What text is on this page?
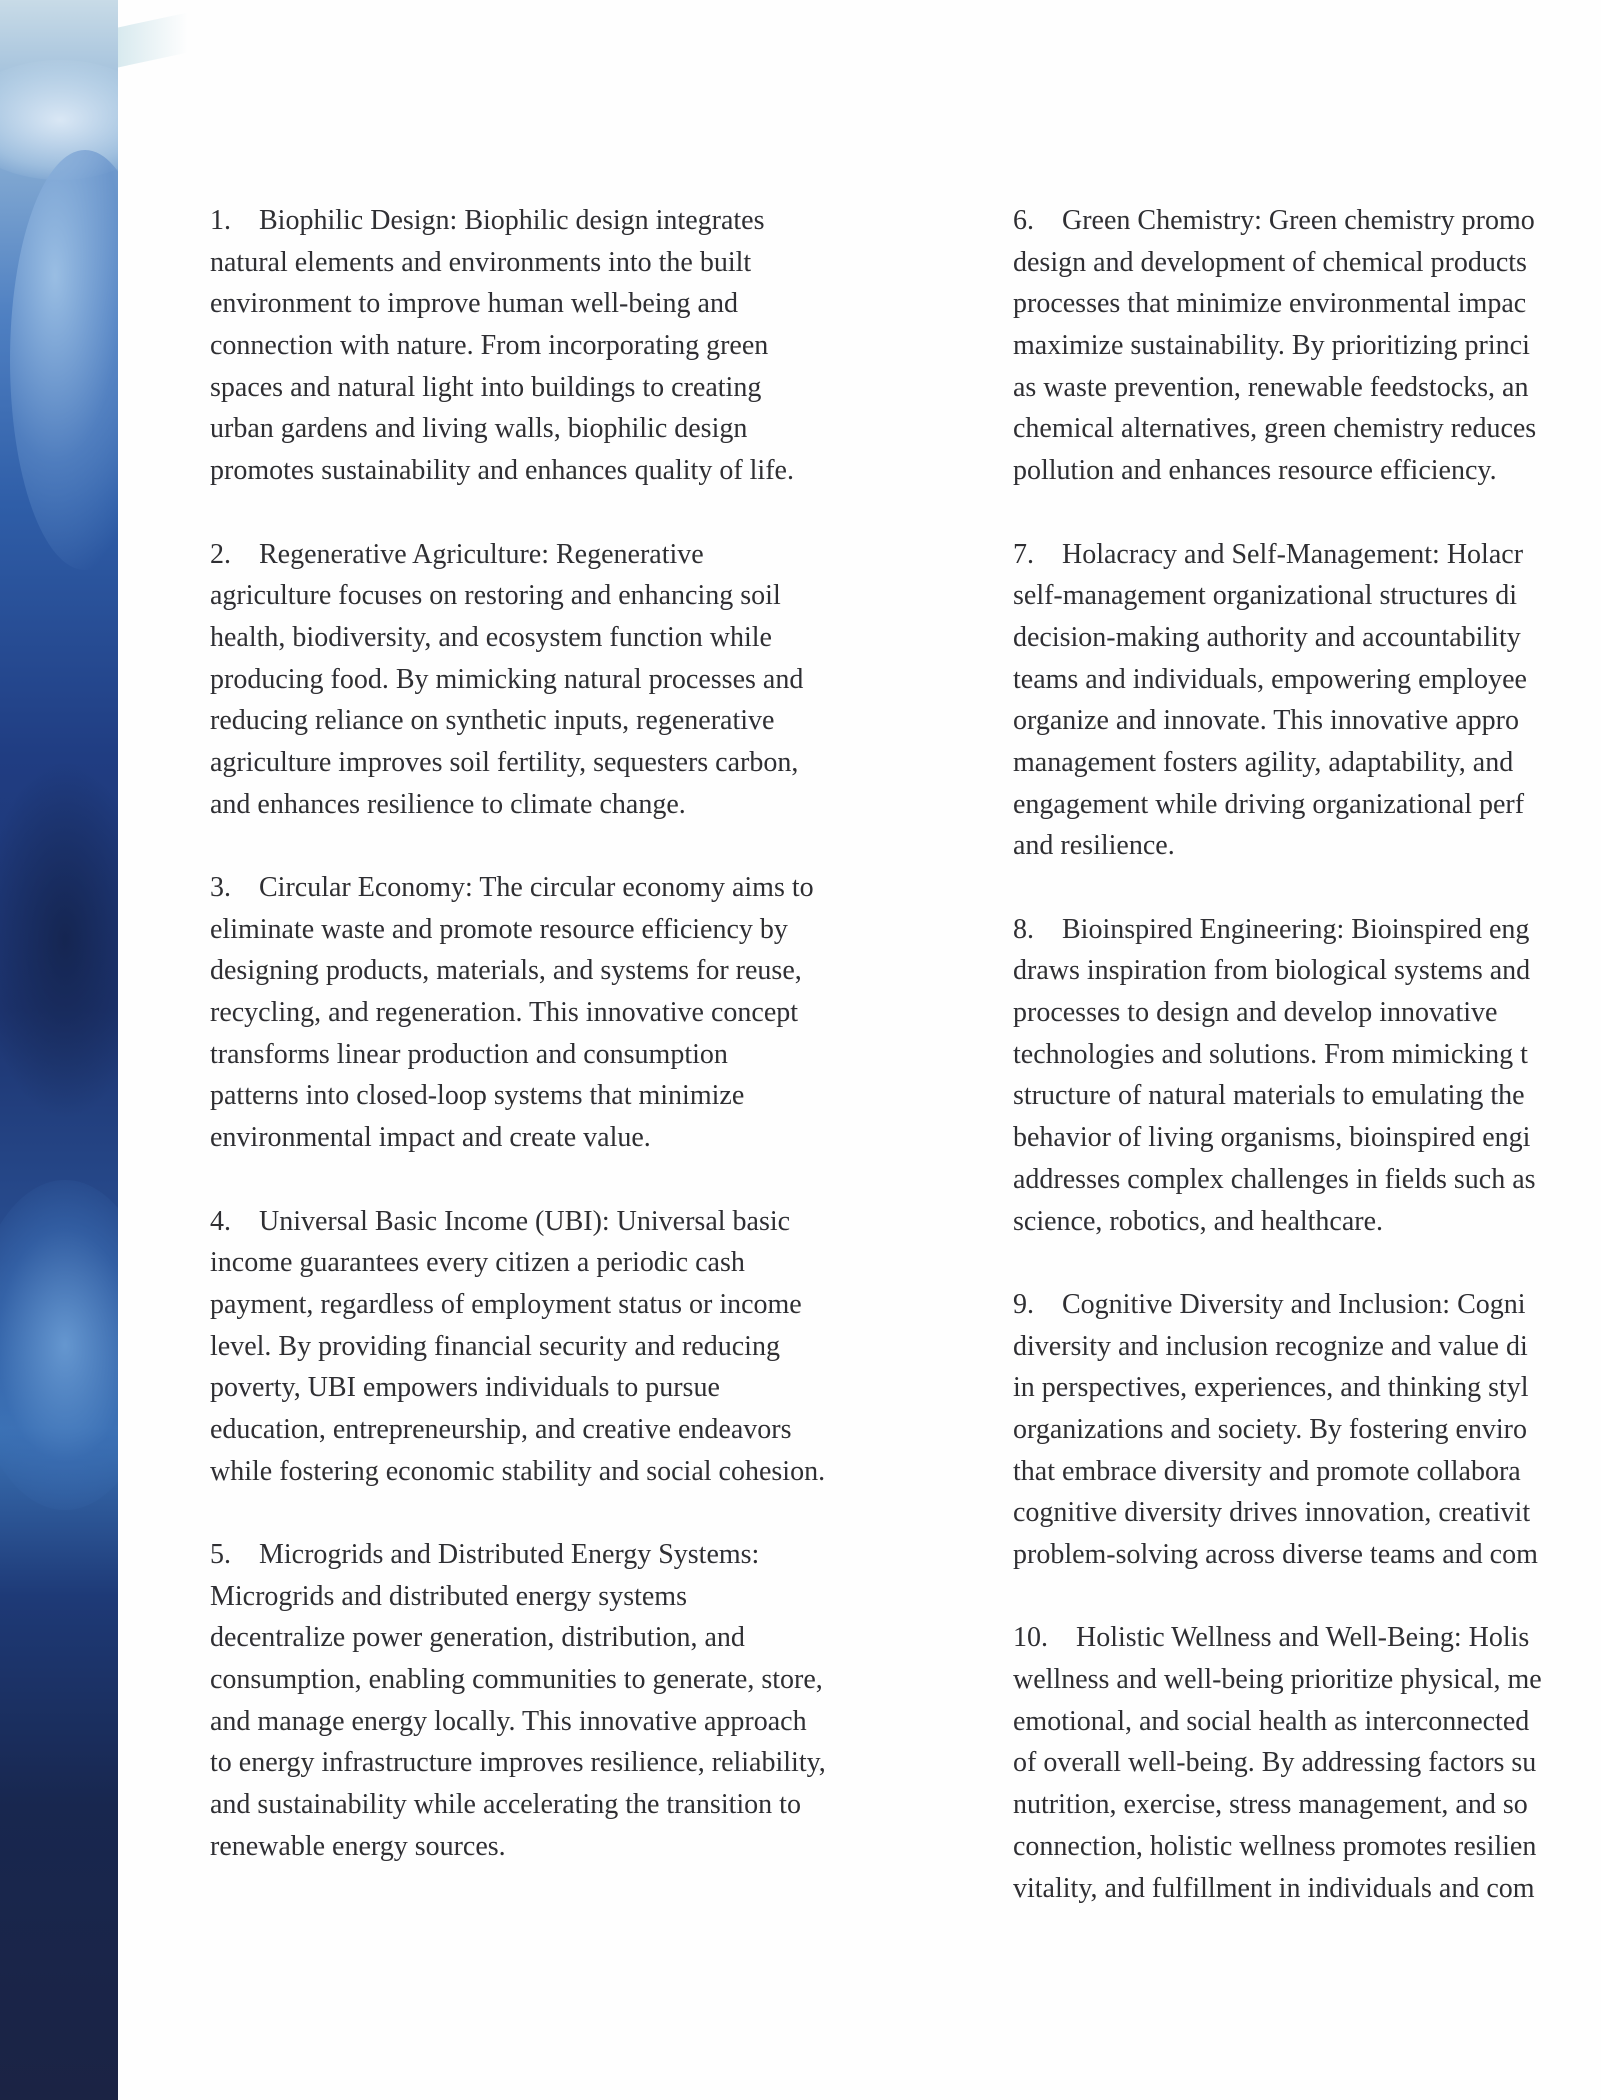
1.    Biophilic Design: Biophilic design integrates
natural elements and environments into the built
environment to improve human well-being and
connection with nature. From incorporating green
spaces and natural light into buildings to creating
urban gardens and living walls, biophilic design
promotes sustainability and enhances quality of life.
2.    Regenerative Agriculture: Regenerative
agriculture focuses on restoring and enhancing soil
health, biodiversity, and ecosystem function while
producing food. By mimicking natural processes and
reducing reliance on synthetic inputs, regenerative
agriculture improves soil fertility, sequesters carbon,
and enhances resilience to climate change.
3.    Circular Economy: The circular economy aims to
eliminate waste and promote resource efficiency by
designing products, materials, and systems for reuse,
recycling, and regeneration. This innovative concept
transforms linear production and consumption
patterns into closed-loop systems that minimize
environmental impact and create value.
4.    Universal Basic Income (UBI): Universal basic
income guarantees every citizen a periodic cash
payment, regardless of employment status or income
level. By providing financial security and reducing
poverty, UBI empowers individuals to pursue
education, entrepreneurship, and creative endeavors
while fostering economic stability and social cohesion.
5.    Microgrids and Distributed Energy Systems:
Microgrids and distributed energy systems
decentralize power generation, distribution, and
consumption, enabling communities to generate, store,
and manage energy locally. This innovative approach
to energy infrastructure improves resilience, reliability,
and sustainability while accelerating the transition to
renewable energy sources.
6.    Green Chemistry: Green chemistry promo
design and development of chemical products
processes that minimize environmental impac
maximize sustainability. By prioritizing princi
as waste prevention, renewable feedstocks, an
chemical alternatives, green chemistry reduces
pollution and enhances resource efficiency.
7.    Holacracy and Self-Management: Holacr
self-management organizational structures di
decision-making authority and accountability
teams and individuals, empowering employee
organize and innovate. This innovative appro
management fosters agility, adaptability, and
engagement while driving organizational perf
and resilience.
8.    Bioinspired Engineering: Bioinspired eng
draws inspiration from biological systems and
processes to design and develop innovative
technologies and solutions. From mimicking t
structure of natural materials to emulating the
behavior of living organisms, bioinspired engi
addresses complex challenges in fields such as
science, robotics, and healthcare.
9.    Cognitive Diversity and Inclusion: Cogni
diversity and inclusion recognize and value di
in perspectives, experiences, and thinking styl
organizations and society. By fostering enviro
that embrace diversity and promote collabora
cognitive diversity drives innovation, creativit
problem-solving across diverse teams and com
10.    Holistic Wellness and Well-Being: Holis
wellness and well-being prioritize physical, me
emotional, and social health as interconnected
of overall well-being. By addressing factors su
nutrition, exercise, stress management, and so
connection, holistic wellness promotes resilien
vitality, and fulfillment in individuals and com
